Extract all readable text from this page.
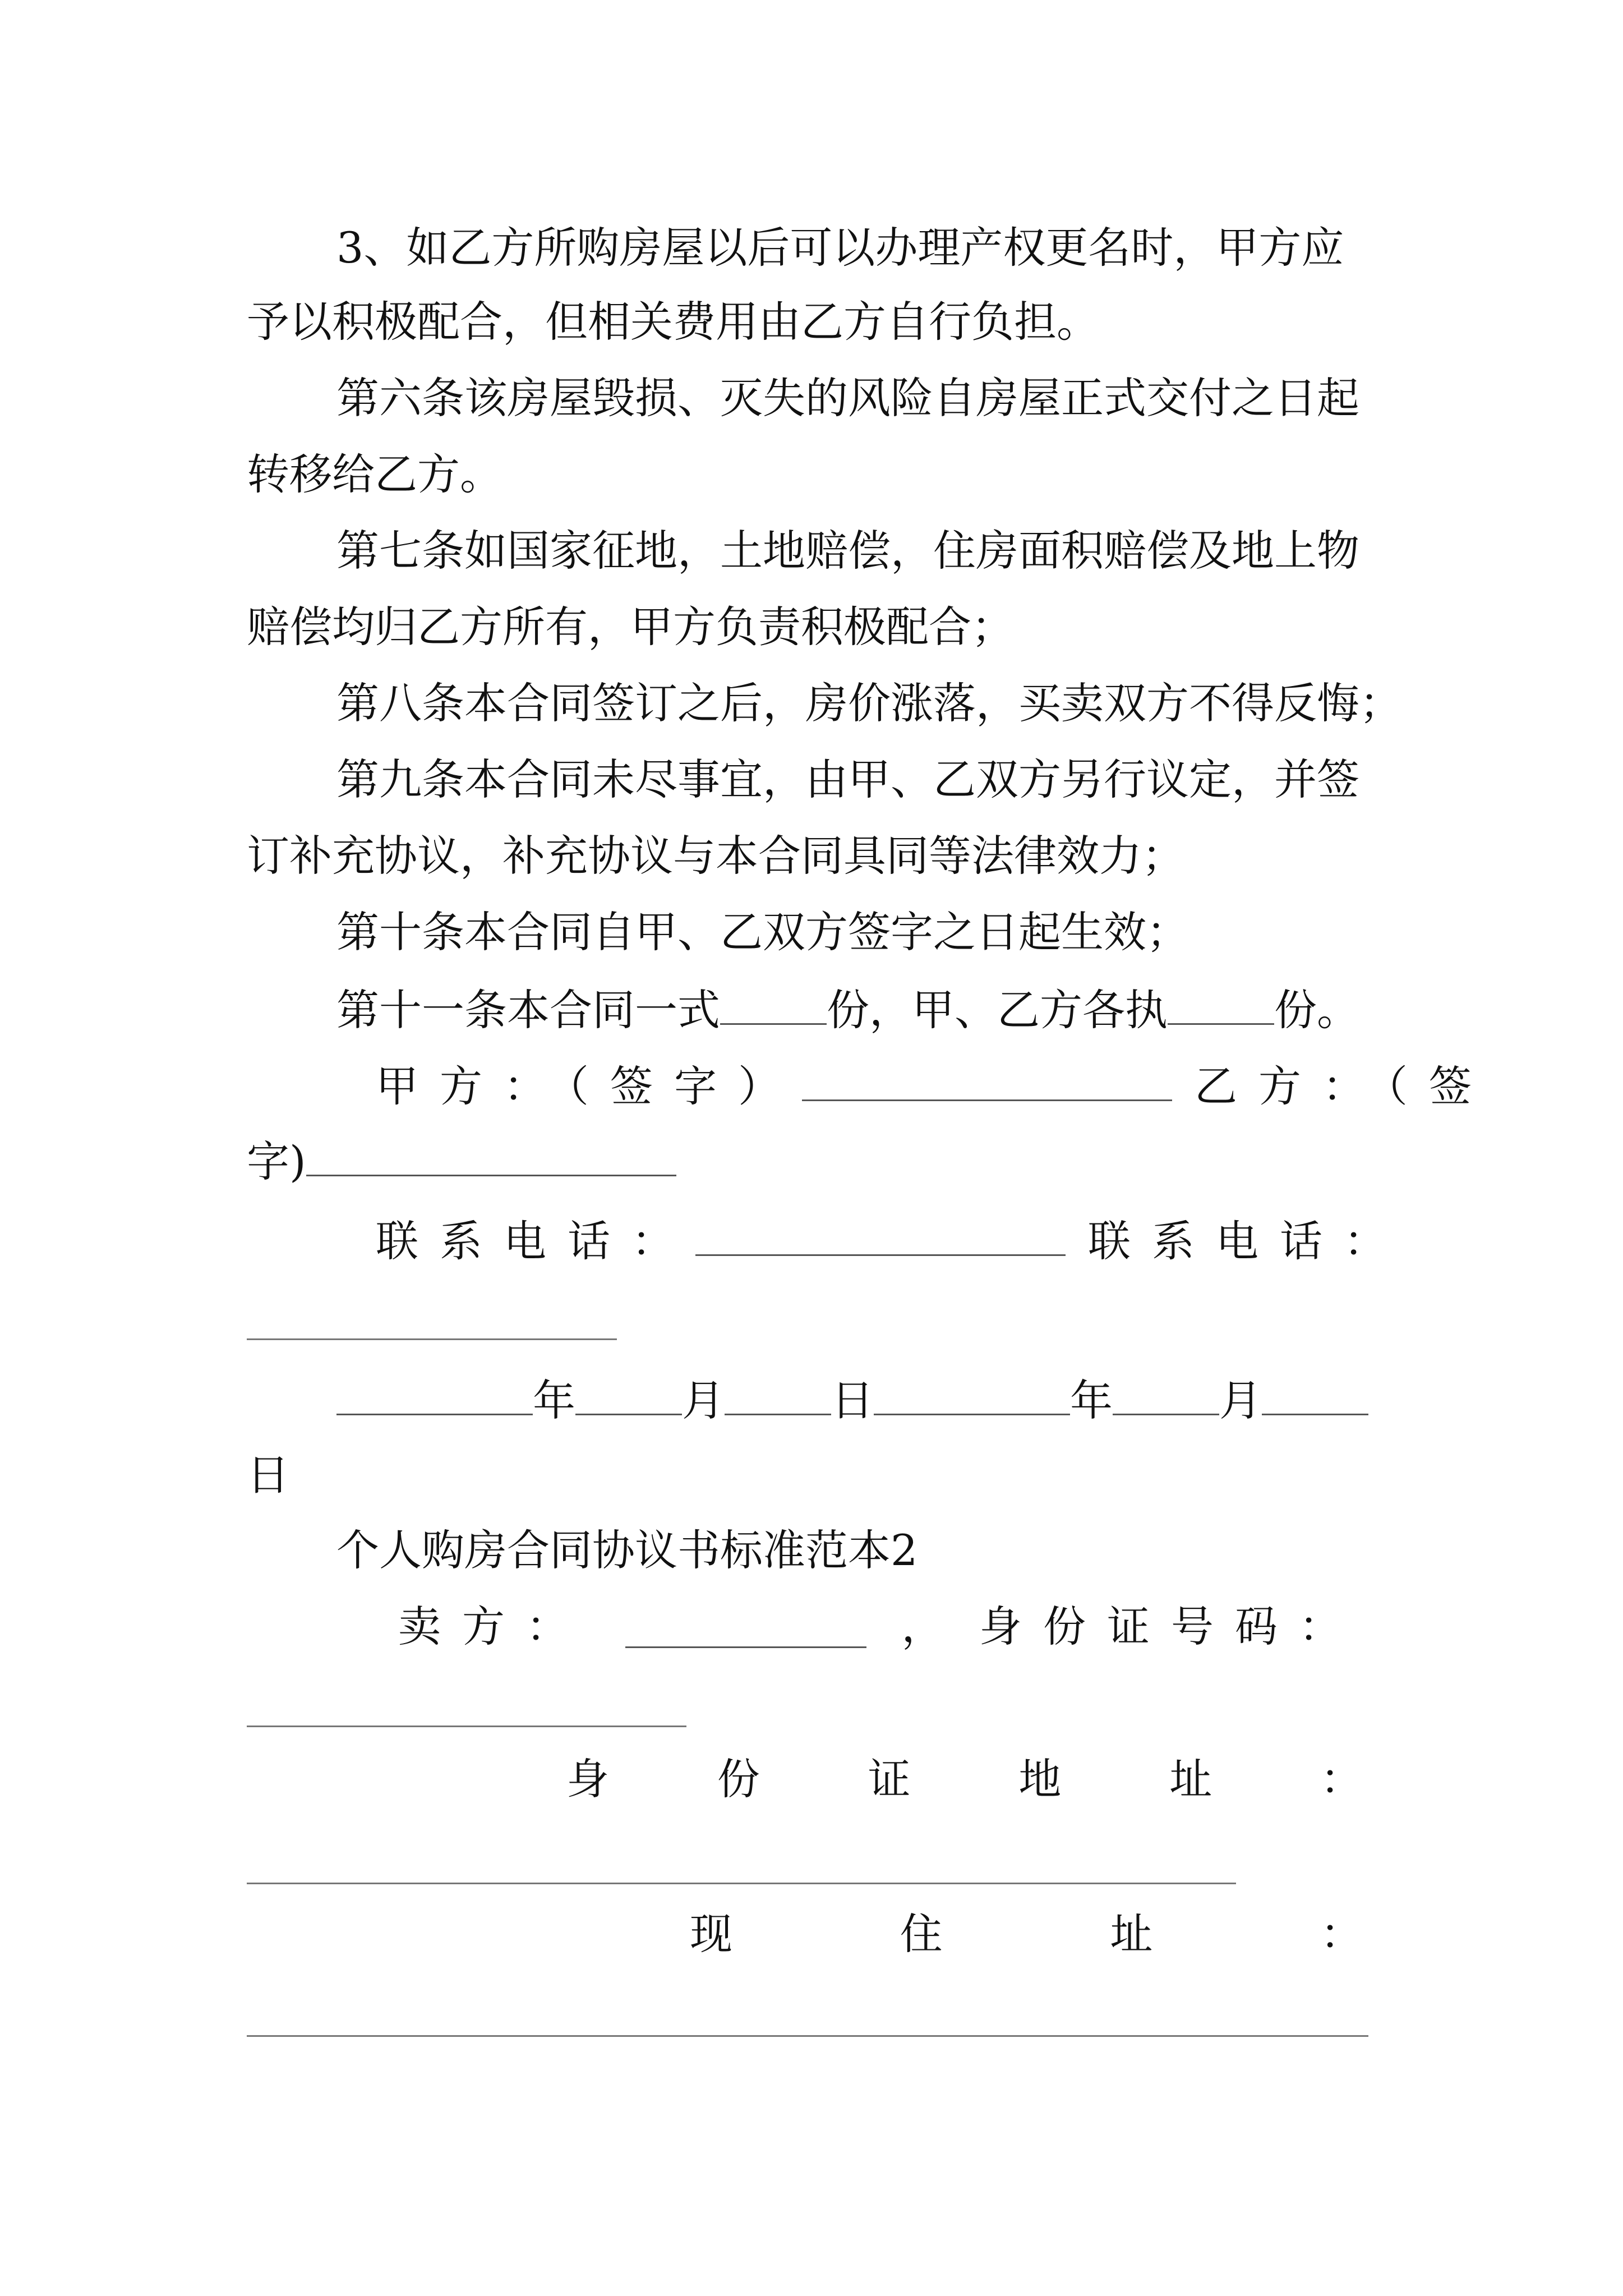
3、如乙方所购房屋以后可以办理产权更名时，甲方应
予以积极配合，但相关费用由乙方自行负担。
第六条该房屋毁损、灭失的风险自房屋正式交付之日起
转移给乙方。
第七条如国家征地，土地赔偿，住房面积赔偿及地上物
赔偿均归乙方所有，甲方负责积极配合；
第八条本合同签订之后，房价涨落，买卖双方不得反悔；
第九条本合同未尽事宜，由甲、乙双方另行议定，并签
订补充协议，补充协议与本合同具同等法律效力；
第十条本合同自甲、乙双方签字之日起生效；
第十一条本合同一式	份，甲、乙方各执	份。
甲方：（签字）	乙方：（签
字)
联系电话：	联系电话：
年	月	日	年	月
日
个人购房合同协议书标准范本2
卖方：	， 身份证号码：
身	份	证	地	址	：
现	住	址	：
